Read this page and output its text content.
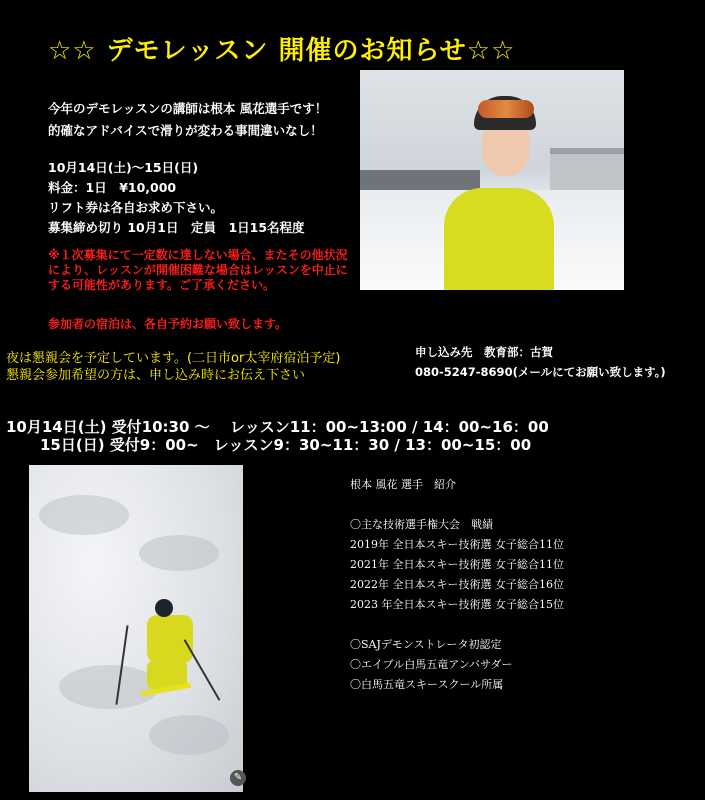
☆☆ デモレッスン 開催のお知らせ☆☆
今年のデモレッスンの講師は根本 風花選手です！
的確なアドバイスで滑りが変わる事間違いなし！
10月14日(土)～15日(日)
料金：1日　¥10,000
リフト券は各自お求め下さい。
募集締め切り 10月1日　定員　1日15名程度
※１次募集にて一定数に達しない場合、またその他状況により、レッスンが開催困難な場合はレッスンを中止にする可能性があります。ご了承ください。
参加者の宿泊は、各自予約お願い致します。
夜は懇親会を予定しています。(二日市or太宰府宿泊予定)
懇親会参加希望の方は、申し込み時にお伝え下さい
申し込み先　教育部：古賀
080-5247-8690(メールにてお願い致します。)
10月14日(土) 受付10:30 ～　 レッスン11：00~13:00 / 14：00~16：00
15日(日) 受付9：00~　レッスン9：30~11：30 / 13：00~15：00
✎
根本 風花 選手　紹介
〇主な技術選手権大会　戦績
2019年 全日本スキー技術選 女子総合11位
2021年 全日本スキー技術選 女子総合11位
2022年 全日本スキー技術選 女子総合16位
2023 年全日本スキー技術選 女子総合15位
〇SAJデモンストレータ初認定
〇エイブル白馬五竜アンバサダー
〇白馬五竜スキースクール所属
